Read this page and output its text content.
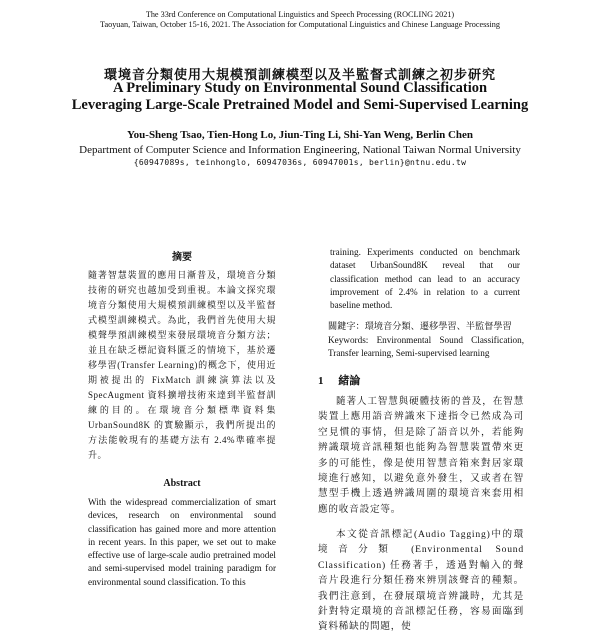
The 33rd Conference on Computational Linguistics and Speech Processing (ROCLING 2021)
Taoyuan, Taiwan, October 15-16, 2021. The Association for Computational Linguistics and Chinese Language Processing
環境音分類使用大規模預訓練模型以及半監督式訓練之初步研究
A Preliminary Study on Environmental Sound Classification
Leveraging Large-Scale Pretrained Model and Semi-Supervised Learning
You-Sheng Tsao, Tien-Hong Lo, Jiun-Ting Li, Shi-Yan Weng, Berlin Chen
Department of Computer Science and Information Engineering, National Taiwan Normal University
{60947089s, teinhonglo, 60947036s, 60947001s, berlin}@ntnu.edu.tw
摘要
隨著智慧裝置的應用日漸普及，環境音分類技術的研究也越加受到重視。本論文探究環境音分類使用大規模預訓練模型以及半監督式模型訓練模式。為此，我們首先使用大規模聲學預訓練模型來發展環境音分類方法；並且在缺乏標記資料匱乏的情境下，基於遷移學習(Transfer Learning)的概念下，使用近期被提出的 FixMatch 訓練演算法以及 SpecAugment 資料擴增技術來達到半監督訓練的目的。在環境音分類標準資料集 UrbanSound8K 的實驗顯示，我們所提出的方法能較現有的基礎方法有 2.4%準確率提升。
Abstract
With the widespread commercialization of smart devices, research on environmental sound classification has gained more and more attention in recent years. In this paper, we set out to make effective use of large-scale audio pretrained model and semi-supervised model training paradigm for environmental sound classification. To this
training. Experiments conducted on benchmark dataset UrbanSound8K reveal that our classification method can lead to an accuracy improvement of 2.4% in relation to a current baseline method.
關鍵字：環境音分類、遷移學習、半監督學習
Keywords: Environmental Sound Classification, Transfer learning, Semi-supervised learning
1 緒論
隨著人工智慧與硬體技術的普及，在智慧裝置上應用語音辨識來下達指令已然成為司空見慣的事情，但是除了語音以外，若能夠辨識環境音訊種類也能夠為智慧裝置帶來更多的可能性，像是使用智慧音箱來對居家環境進行感知，以避免意外發生，又或者在智慧型手機上透過辨識周圍的環境音來套用相應的收音設定等。
本文從音訊標記(Audio Tagging)中的環境音分類 (Environmental Sound Classification) 任務著手，透過對輸入的聲音片段進行分類任務來辨別該聲音的種類。我們注意到，在發展環境音辨識時，尤其是針對特定環境的音訊標記任務，容易面臨到資料稀缺的問題，使
